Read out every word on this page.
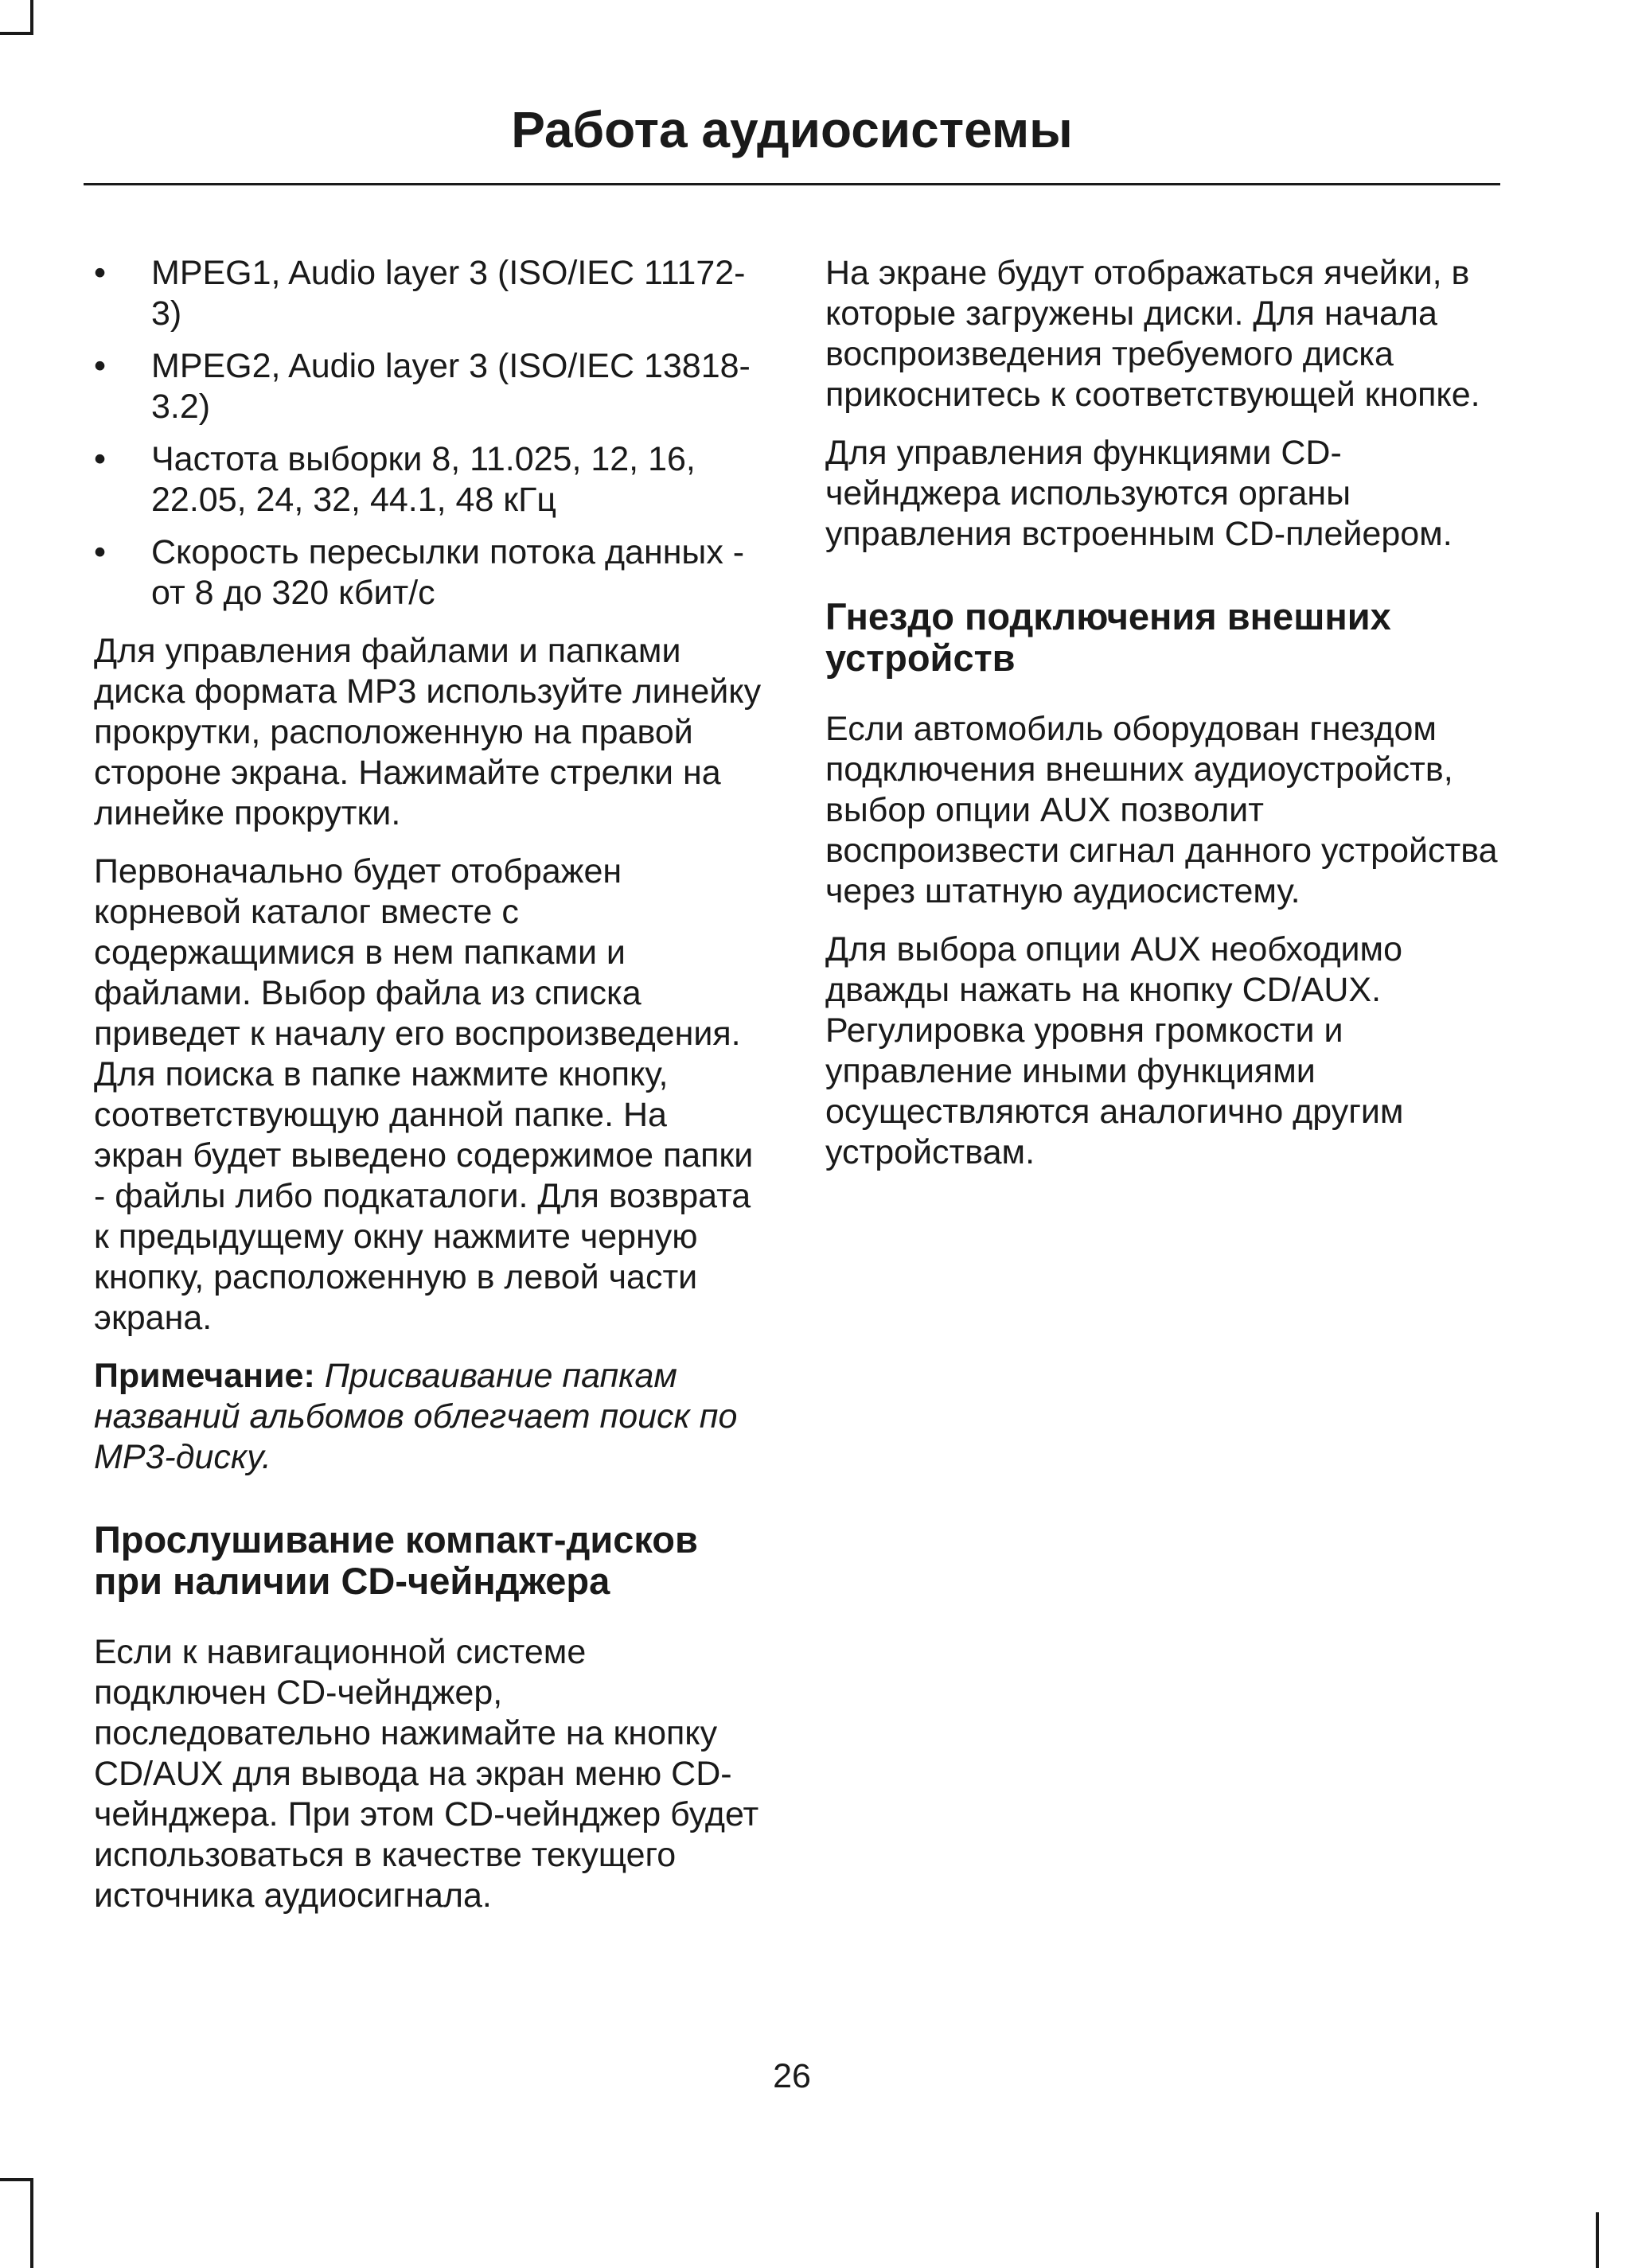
Работа аудиосистемы
• MPEG1, Audio layer 3 (ISO/IEC 11172-3)
• MPEG2, Audio layer 3 (ISO/IEC 13818-3.2)
• Частота выборки 8, 11.025, 12, 16, 22.05, 24, 32, 44.1, 48 кГц
• Скорость пересылки потока данных - от 8 до 320 кбит/с

Для управления файлами и папками диска формата MP3 используйте линейку прокрутки, расположенную на правой стороне экрана. Нажимайте стрелки на линейке прокрутки.

Первоначально будет отображен корневой каталог вместе с содержащимися в нем папками и файлами. Выбор файла из списка приведет к началу его воспроизведения. Для поиска в папке нажмите кнопку, соответствующую данной папке. На экран будет выведено содержимое папки - файлы либо подкаталоги. Для возврата к предыдущему окну нажмите черную кнопку, расположенную в левой части экрана.

Примечание: Присваивание папкам названий альбомов облегчает поиск по MP3-диску.

Прослушивание компакт-дисков при наличии CD-чейнджера

Если к навигационной системе подключен CD-чейнджер, последовательно нажимайте на кнопку CD/AUX для вывода на экран меню CD-чейнджера. При этом CD-чейнджер будет использоваться в качестве текущего источника аудиосигнала.

На экране будут отображаться ячейки, в которые загружены диски. Для начала воспроизведения требуемого диска прикоснитесь к соответствующей кнопке.

Для управления функциями CD-чейнджера используются органы управления встроенным CD-плейером.

Гнездо подключения внешних устройств

Если автомобиль оборудован гнездом подключения внешних аудиоустройств, выбор опции AUX позволит воспроизвести сигнал данного устройства через штатную аудиосистему.

Для выбора опции AUX необходимо дважды нажать на кнопку CD/AUX. Регулировка уровня громкости и управление иными функциями осуществляются аналогично другим устройствам.

26
